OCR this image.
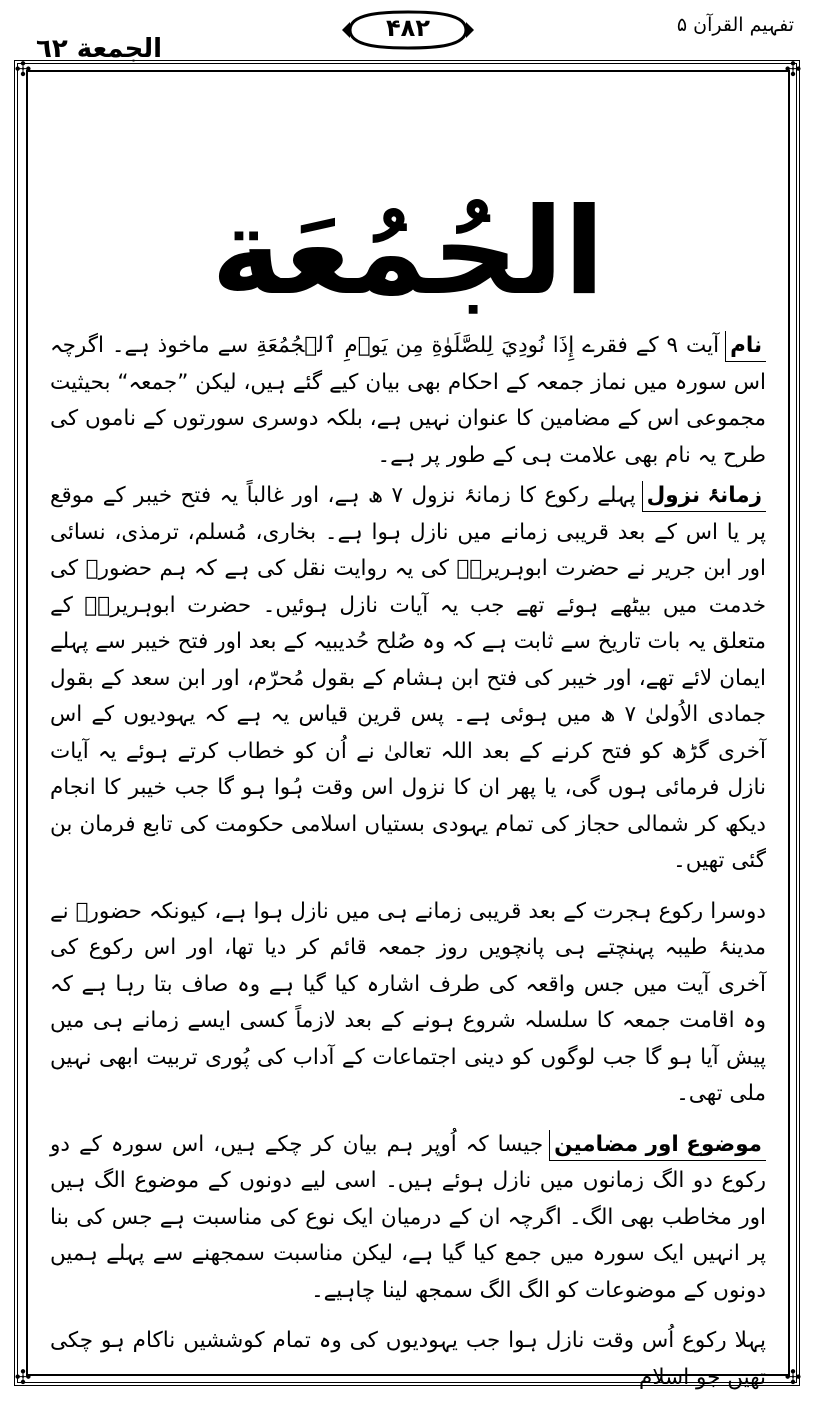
تفہیم القرآن ۵
۴۸۲
الجمعة ٦٢
✣	✣
✣	✣
الجُمُعَة

نامآیت ۹ کے فقرے إِذَا نُودِيَ لِلصَّلَوٰةِ مِن يَوۡمِ ٱلۡجُمُعَةِ سے ماخوذ ہے۔ اگرچہ اس سورہ میں نماز جمعہ کے احکام بھی بیان کیے گئے ہیں، لیکن ”جمعہ“ بحیثیت مجموعی اس کے مضامین کا عنوان نہیں ہے، بلکہ دوسری سورتوں کے ناموں کی طرح یہ نام بھی علامت ہی کے طور پر ہے۔

زمانۂ نزولپہلے رکوع کا زمانۂ نزول ۷ ھ ہے، اور غالباً یہ فتح خیبر کے موقع پر یا اس کے بعد قریبی زمانے میں نازل ہوا ہے۔ بخاری، مُسلم، ترمذی، نسائی اور ابن جریر نے حضرت ابوہریرہؓ کی یہ روایت نقل کی ہے کہ ہم حضورؐ کی خدمت میں بیٹھے ہوئے تھے جب یہ آیات نازل ہوئیں۔ حضرت ابوہریرہؓ کے متعلق یہ بات تاریخ سے ثابت ہے کہ وہ صُلح حُدیبیہ کے بعد اور فتح خیبر سے پہلے ایمان لائے تھے، اور خیبر کی فتح ابن ہشام کے بقول مُحرّم، اور ابن سعد کے بقول جمادی الاُولیٰ ۷ ھ میں ہوئی ہے۔ پس قرین قیاس یہ ہے کہ یہودیوں کے اس آخری گڑھ کو فتح کرنے کے بعد اللہ تعالیٰ نے اُن کو خطاب کرتے ہوئے یہ آیات نازل فرمائی ہوں گی، یا پھر ان کا نزول اس وقت ہُوا ہو گا جب خیبر کا انجام دیکھ کر شمالی حجاز کی تمام یہودی بستیاں اسلامی حکومت کی تابع فرمان بن گئی تھیں۔

دوسرا رکوع ہجرت کے بعد قریبی زمانے ہی میں نازل ہوا ہے، کیونکہ حضورؐ نے مدینۂ طیبہ پہنچتے ہی پانچویں روز جمعہ قائم کر دیا تھا، اور اس رکوع کی آخری آیت میں جس واقعہ کی طرف اشارہ کیا گیا ہے وہ صاف بتا رہا ہے کہ وہ اقامت جمعہ کا سلسلہ شروع ہونے کے بعد لازماً کسی ایسے زمانے ہی میں پیش آیا ہو گا جب لوگوں کو دینی اجتماعات کے آداب کی پُوری تربیت ابھی نہیں ملی تھی۔

موضوع اور مضامینجیسا کہ اُوپر ہم بیان کر چکے ہیں، اس سورہ کے دو رکوع دو الگ زمانوں میں نازل ہوئے ہیں۔ اسی لیے دونوں کے موضوع الگ ہیں اور مخاطب بھی الگ۔ اگرچہ ان کے درمیان ایک نوع کی مناسبت ہے جس کی بنا پر انہیں ایک سورہ میں جمع کیا گیا ہے، لیکن مناسبت سمجھنے سے پہلے ہمیں دونوں کے موضوعات کو الگ الگ سمجھ لینا چاہیے۔

پہلا رکوع اُس وقت نازل ہوا جب یہودیوں کی وہ تمام کوششیں ناکام ہو چکی تھیں جو اسلام
